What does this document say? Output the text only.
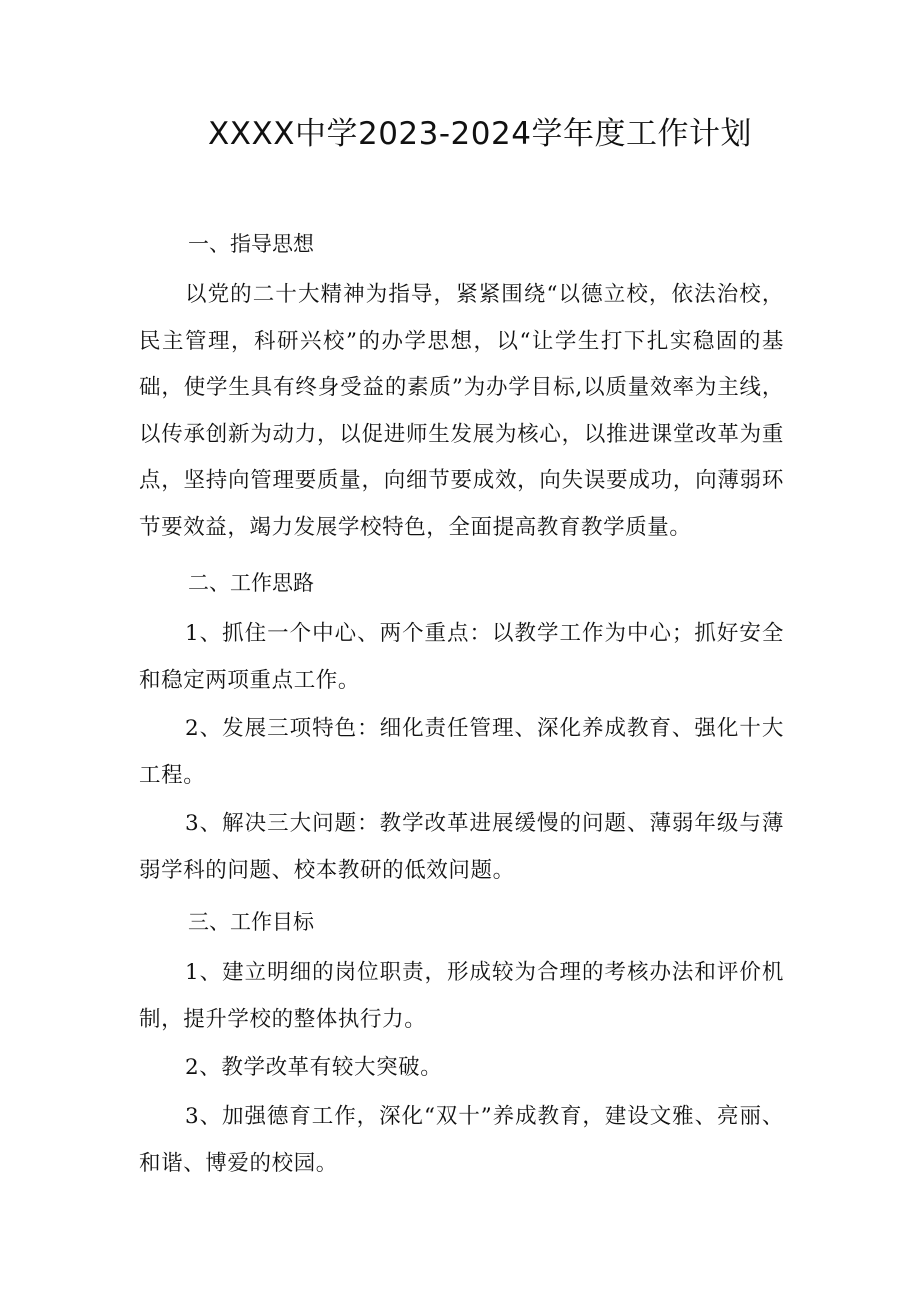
XXXX中学2023-2024学年度工作计划
一、指导思想
以党的二十大精神为指导，紧紧围绕“以德立校，依法治校，民主管理，科研兴校”的办学思想，以“让学生打下扎实稳固的基础，使学生具有终身受益的素质”为办学目标,以质量效率为主线，以传承创新为动力，以促进师生发展为核心，以推进课堂改革为重点，坚持向管理要质量，向细节要成效，向失误要成功，向薄弱环节要效益，竭力发展学校特色，全面提高教育教学质量。
二、工作思路
1、抓住一个中心、两个重点：以教学工作为中心；抓好安全和稳定两项重点工作。
2、发展三项特色：细化责任管理、深化养成教育、强化十大工程。
3、解决三大问题：教学改革进展缓慢的问题、薄弱年级与薄弱学科的问题、校本教研的低效问题。
三、工作目标
1、建立明细的岗位职责，形成较为合理的考核办法和评价机制，提升学校的整体执行力。
2、教学改革有较大突破。
3、加强德育工作，深化“双十”养成教育，建设文雅、亮丽、和谐、博爱的校园。
